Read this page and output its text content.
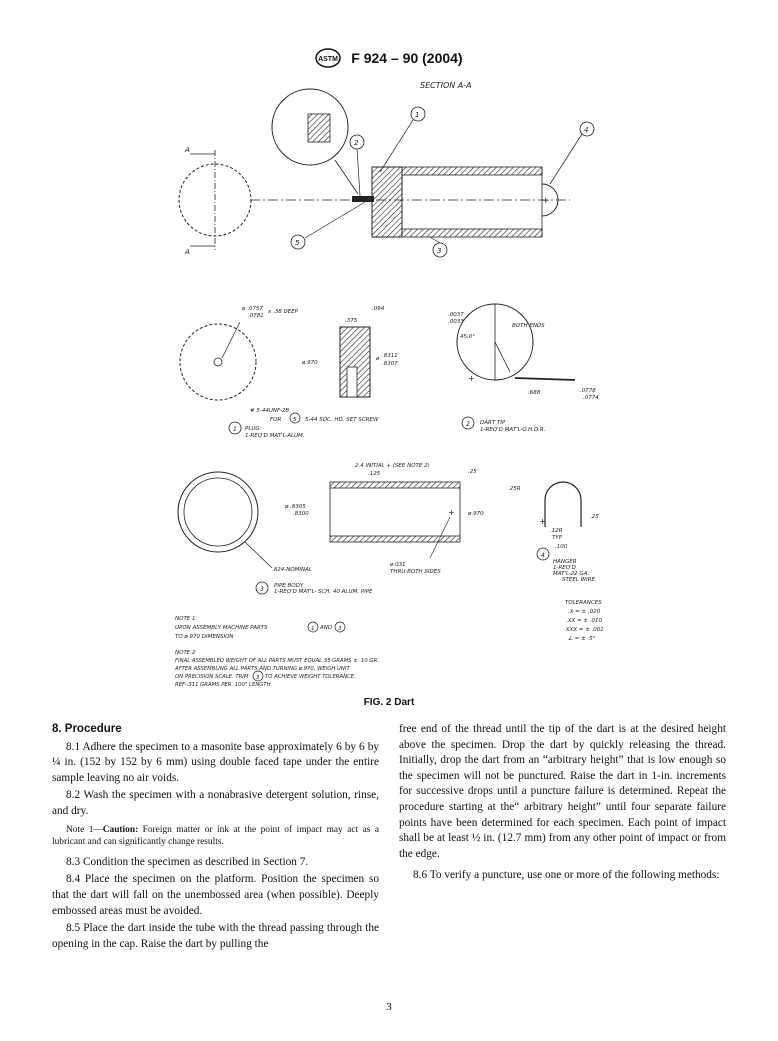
ASTM F 924 – 90 (2004)
SECTION A-A
A
A
+
1
2
4
5
3
ø .0757
.0781
x .38 DEEP	.094
.375
ø.970
ø .8311
.8307
# 5-44UNF-2B
FOR 5 5-44 SOC. HD. SET SCREW
1 PLUG
1-REQ'D MAT'L-ALUM.
.0037
.0033
45.0°
BOTH ENDS
+
.688	.0778
.0774
2 DART TIP
1-REQ'D MAT'L-O.H.D.R.
.824-NOMINAL
+
2.4 INITIAL + (SEE NOTE 2)
.125	.25
ø .8305
.8300	ø.970
ø.031
THRU BOTH SIDES
3 PIPE BODY
1-REQ'D MAT'L- SCH. 40 ALUM. PIPE
+
.25R
.12R
TYP
.100
.25
4
HANGER
1-REQ'D
MAT'L-22 GA.
STEEL WIRE
TOLERANCES
.X = ± .020
.XX = ± .010
.XXX = ± .001
∠ = ± .5°
NOTE 1
UPON ASSEMBLY MACHINE PARTS	1 AND 3
TO ø.970 DIMENSION
NOTE 2
FINAL ASSEMBLED WEIGHT OF ALL PARTS MUST EQUAL 35 GRAMS ± .10 GR.
AFTER ASSEMBLING ALL PARTS AND TURNING ø.970, WEIGH UNIT
ON PRECISION SCALE. TRIM 3 TO ACHIEVE WEIGHT TOLERANCE.
REF-.311 GRAMS PER .100" LENGTH
FIG. 2 Dart
8. Procedure

8.1 Adhere the specimen to a masonite base approximately 6 by 6 by ¼ in. (152 by 152 by 6 mm) using double faced tape under the entire sample leaving no air voids.

8.2 Wash the specimen with a nonabrasive detergent solution, rinse, and dry.

Note 1—Caution: Foreign matter or ink at the point of impact may act as a lubricant and can significantly change results.

8.3 Condition the specimen as described in Section 7.

8.4 Place the specimen on the platform. Position the specimen so that the dart will fall on the unembossed area (when possible). Deeply embossed areas must be avoided.

8.5 Place the dart inside the tube with the thread passing through the opening in the cap. Raise the dart by pulling the

free end of the thread until the tip of the dart is at the desired height above the specimen. Drop the dart by quickly releasing the thread. Initially, drop the dart from an “arbitrary height” that is low enough so the specimen will not be punctured. Raise the dart in 1-in. increments for successive drops until a puncture failure is determined. Repeat the procedure starting at the“ arbitrary height” until four separate failure points have been determined for each specimen. Each point of impact shall be at least ½ in. (12.7 mm) from any other point of impact or from the edge.

8.6 To verify a puncture, use one or more of the following methods:

3
